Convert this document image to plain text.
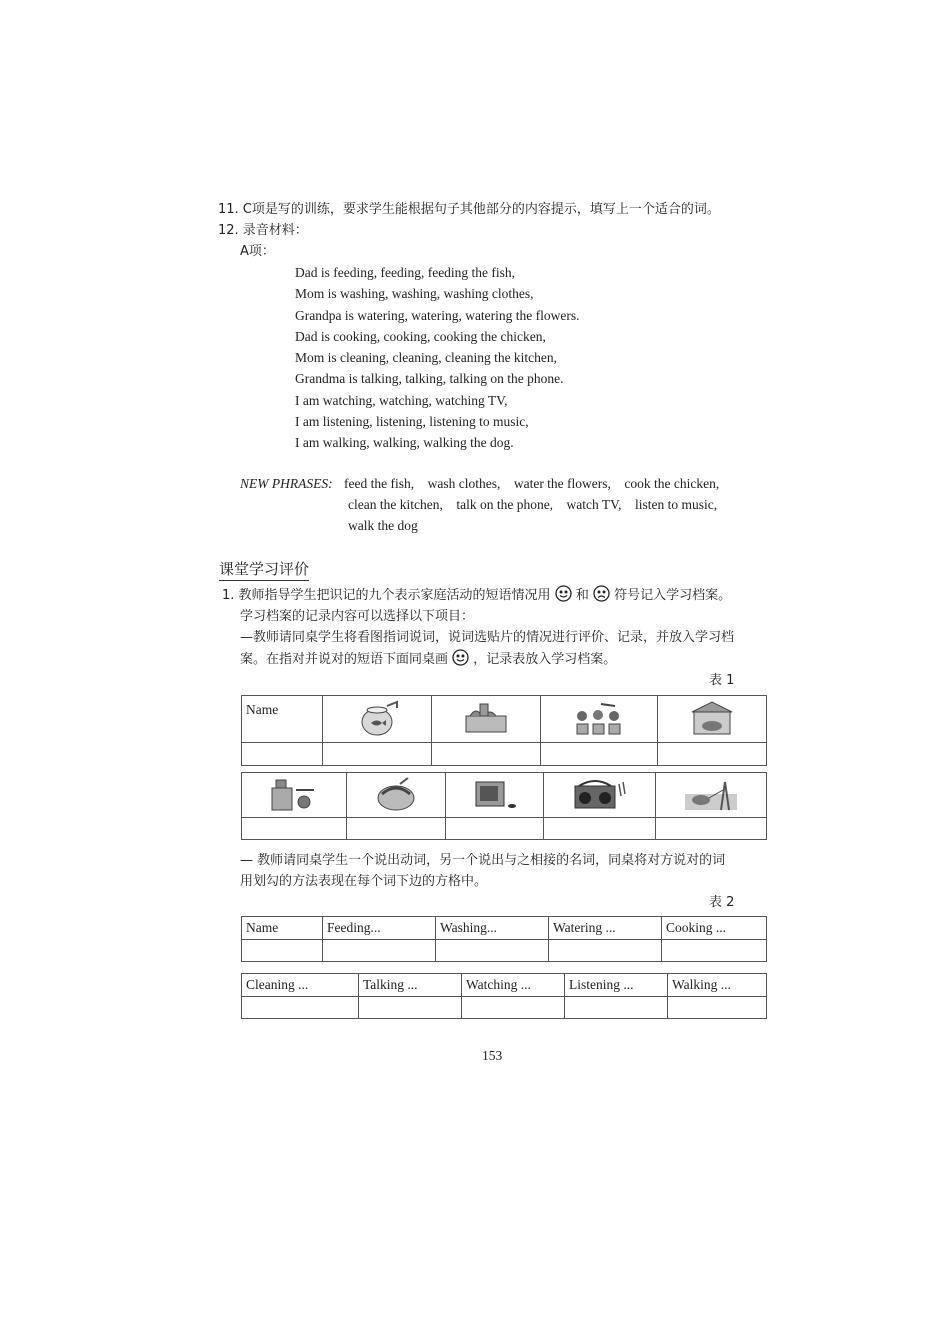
11. C项是写的训练，要求学生能根据句子其他部分的内容提示，填写上一个适合的词。
12. 录音材料：
A项：
Dad is feeding, feeding, feeding the fish,
Mom is washing, washing, washing clothes,
Grandpa is watering, watering, watering the flowers.
Dad is cooking, cooking, cooking the chicken,
Mom is cleaning, cleaning, cleaning the kitchen,
Grandma is talking, talking, talking on the phone.
I am watching, watching, watching TV,
I am listening, listening, listening to music,
I am walking, walking, walking the dog.
NEW PHRASES: feed the fish,    wash clothes,    water the flowers,    cook the chicken,
clean the kitchen,    talk on the phone,    watch TV,    listen to music,
walk the dog
课堂学习评价
1. 教师指导学生把识记的九个表示家庭活动的短语情况用 和 符号记入学习档案。
学习档案的记录内容可以选择以下项目：
—教师请同桌学生将看图指词说词，说词选贴片的情况进行评价、记录，并放入学习档
案。在指对并说对的短语下面同桌画 ，记录表放入学习档案。
表 1
Name	

— 教师请同桌学生一个说出动词，另一个说出与之相接的名词，同桌将对方说对的词
用划勾的方法表现在每个词下边的方格中。
表 2
Name	Feeding...	Washing...	Watering ...	Cooking ...

Cleaning ...	Talking ...	Watching ...	Listening ...	Walking ...

153
